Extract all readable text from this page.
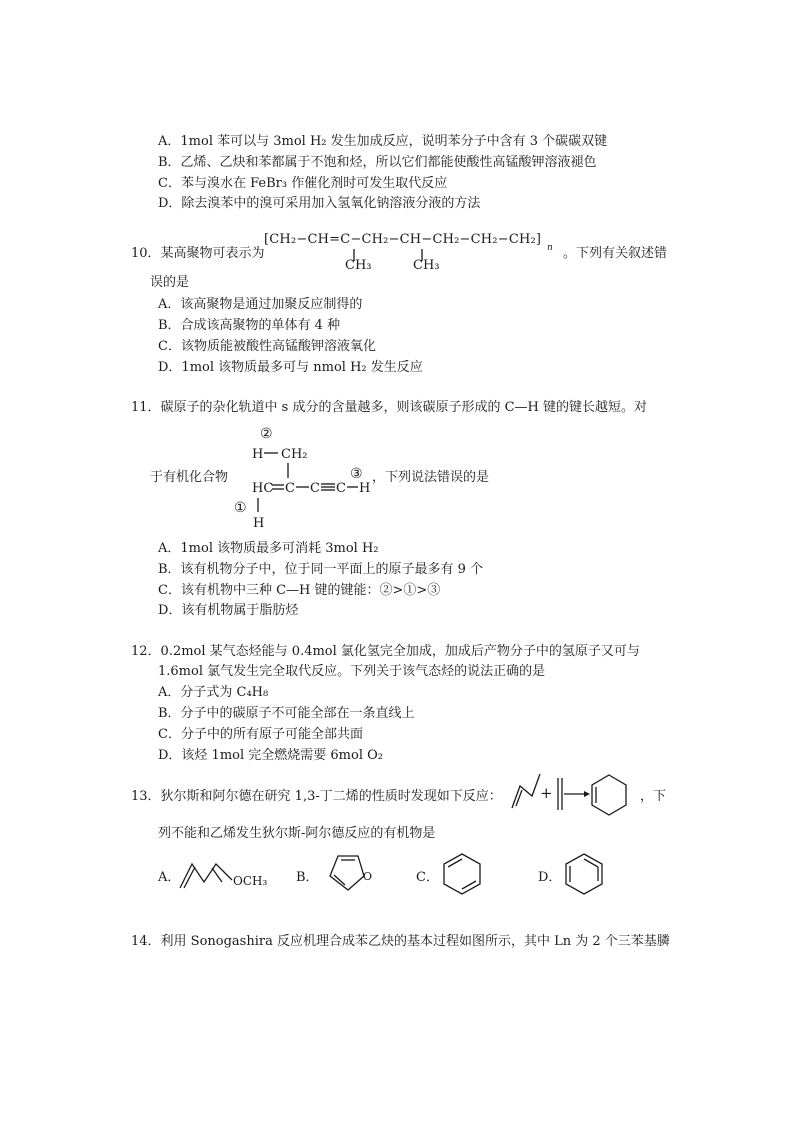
A．1mol 苯可以与 3mol H₂ 发生加成反应，说明苯分子中含有 3 个碳碳双键
B．乙烯、乙炔和苯都属于不饱和烃，所以它们都能使酸性高锰酸钾溶液褪色
C．苯与溴水在 FeBr₃ 作催化剂时可发生取代反应
D．除去溴苯中的溴可采用加入氢氧化钠溶液分液的方法
10．某高聚物可表示为
[CH₂−CH=C−CH₂−CH−CH₂−CH₂−CH₂]
n
CH₃	CH₃
。下列有关叙述错
误的是
A．该高聚物是通过加聚反应制得的
B．合成该高聚物的单体有 4 种
C．该物质能被酸性高锰酸钾溶液氧化
D．1mol 该物质最多可与 nmol H₂ 发生反应
11．碳原子的杂化轨道中 s 成分的含量越多，则该碳原子形成的 C—H 键的键长越短。对
于有机化合物
②
H CH₂
HC C C C H
③
①
H
，下列说法错误的是
A．1mol 该物质最多可消耗 3mol H₂
B．该有机物分子中，位于同一平面上的原子最多有 9 个
C．该有机物中三种 C—H 键的键能：②>①>③
D．该有机物属于脂肪烃
12．0.2mol 某气态烃能与 0.4mol 氯化氢完全加成，加成后产物分子中的氢原子又可与
1.6mol 氯气发生完全取代反应。下列关于该气态烃的说法正确的是
A．分子式为 C₄H₈
B．分子中的碳原子不可能全部在一条直线上
C．分子中的所有原子可能全部共面
D．该烃 1mol 完全燃烧需要 6mol O₂
13．狄尔斯和阿尔德在研究 1,3-丁二烯的性质时发现如下反应：	+	，下
列不能和乙烯发生狄尔斯-阿尔德反应的有机物是
A．	OCH₃ B．	O	C．	D．
14．利用 Sonogashira 反应机理合成苯乙炔的基本过程如图所示，其中 Ln 为 2 个三苯基膦
